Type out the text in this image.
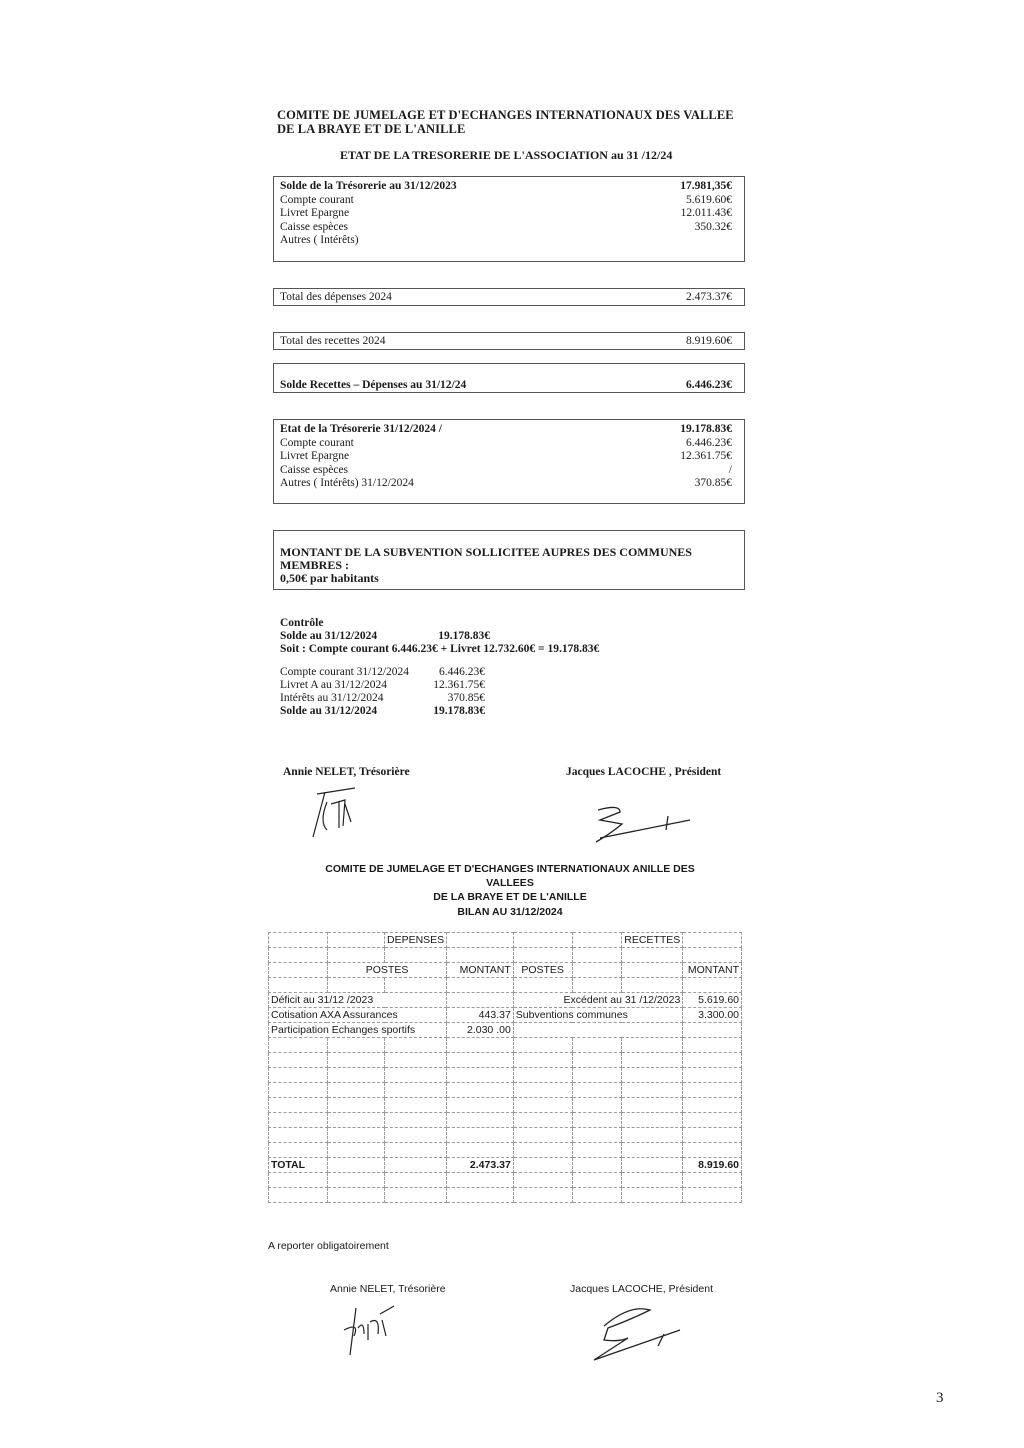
COMITE DE JUMELAGE ET D'ECHANGES INTERNATIONAUX DES VALLEE DE LA BRAYE ET DE L'ANILLE
ETAT DE LA TRESORERIE DE L'ASSOCIATION au 31 /12/24
Solde de la Trésorerie au 31/12/2023	17.981,35€
Compte courant	5.619.60€
Livret Epargne	12.011.43€
Caisse espèces	350.32€
Autres ( Intérêts)
Total des dépenses 2024	2.473.37€
Total des recettes 2024	8.919.60€
Solde Recettes – Dépenses au 31/12/24	6.446.23€
Etat de la Trésorerie 31/12/2024 /	19.178.83€
Compte courant	6.446.23€
Livret Epargne	12.361.75€
Caisse espèces	/
Autres ( Intérêts) 31/12/2024	370.85€
MONTANT DE LA SUBVENTION SOLLICITEE AUPRES DES COMMUNES
MEMBRES :
0,50€ par habitants
Contrôle
Solde au 31/12/2024	19.178.83€
Soit : Compte courant 6.446.23€ + Livret 12.732.60€ = 19.178.83€
Compte courant 31/12/2024	6.446.23€
Livret A au 31/12/2024	12.361.75€
Intérêts au 31/12/2024	370.85€
Solde au 31/12/2024	19.178.83€
Annie NELET, Trésorière	Jacques LACOCHE , Président
COMITE DE JUMELAGE ET D'ECHANGES INTERNATIONAUX ANILLE DES VALLEES
DE LA BRAYE ET DE L'ANILLE
BILAN AU 31/12/2024
		DEPENSES				RECETTES	

	POSTES		MONTANT	POSTES			MONTANT

Déficit au 31/12 /2023				Excédent au 31 /12/2023			5.619.60
Cotisation AXA Assurances			443.37	Subventions communes			3.300.00
Participation Echanges sportifs			2.030 .00				

TOTAL			2.473.37				8.919.60

A reporter obligatoirement
Annie NELET, Trésorière	Jacques LACOCHE, Président
3
